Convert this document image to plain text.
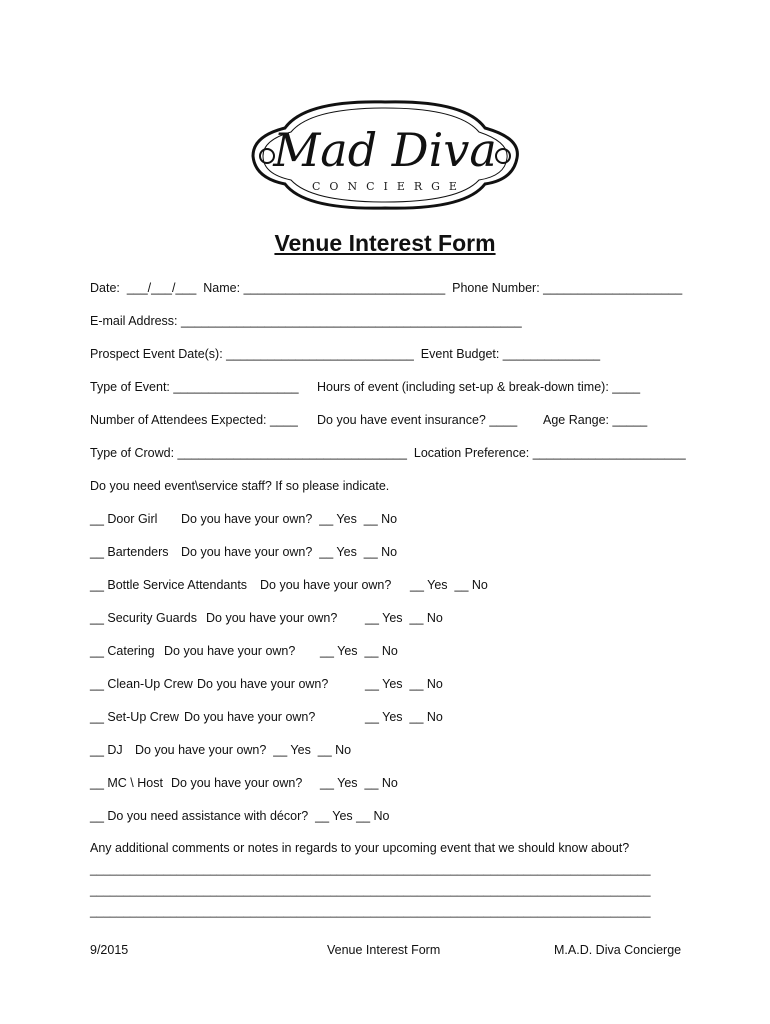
Mad Diva
CONCIERGE
Venue Interest Form
Date:  ___/___/___  Name: _____________________________  Phone Number: ____________________
E-mail Address: _________________________________________________
Prospect Event Date(s): ___________________________  Event Budget: ______________
Type of Event: __________________ Hours of event (including set-up & break-down time): ____
Number of Attendees Expected: ____ Do you have event insurance? ____ Age Range: _____
Type of Crowd: _________________________________  Location Preference: ______________________
Do you need event\service staff? If so please indicate.
__ Door Girl Do you have your own?  __ Yes  __ No
__ Bartenders Do you have your own?  __ Yes  __ No
__ Bottle Service Attendants Do you have your own? __ Yes  __ No
__ Security Guards Do you have your own? __ Yes  __ No
__ Catering Do you have your own? __ Yes  __ No
__ Clean-Up Crew Do you have your own?	__ Yes  __ No
__ Set-Up Crew Do you have your own?	__ Yes  __ No
__ DJ Do you have your own?  __ Yes  __ No
__ MC \ Host Do you have your own? __ Yes  __ No
__ Do you need assistance with décor?  __ Yes __ No
Any additional comments or notes in regards to your upcoming event that we should know about?
____________________________________________________________________________________
____________________________________________________________________________________
____________________________________________________________________________________
9/2015	Venue Interest Form	M.A.D. Diva Concierge
